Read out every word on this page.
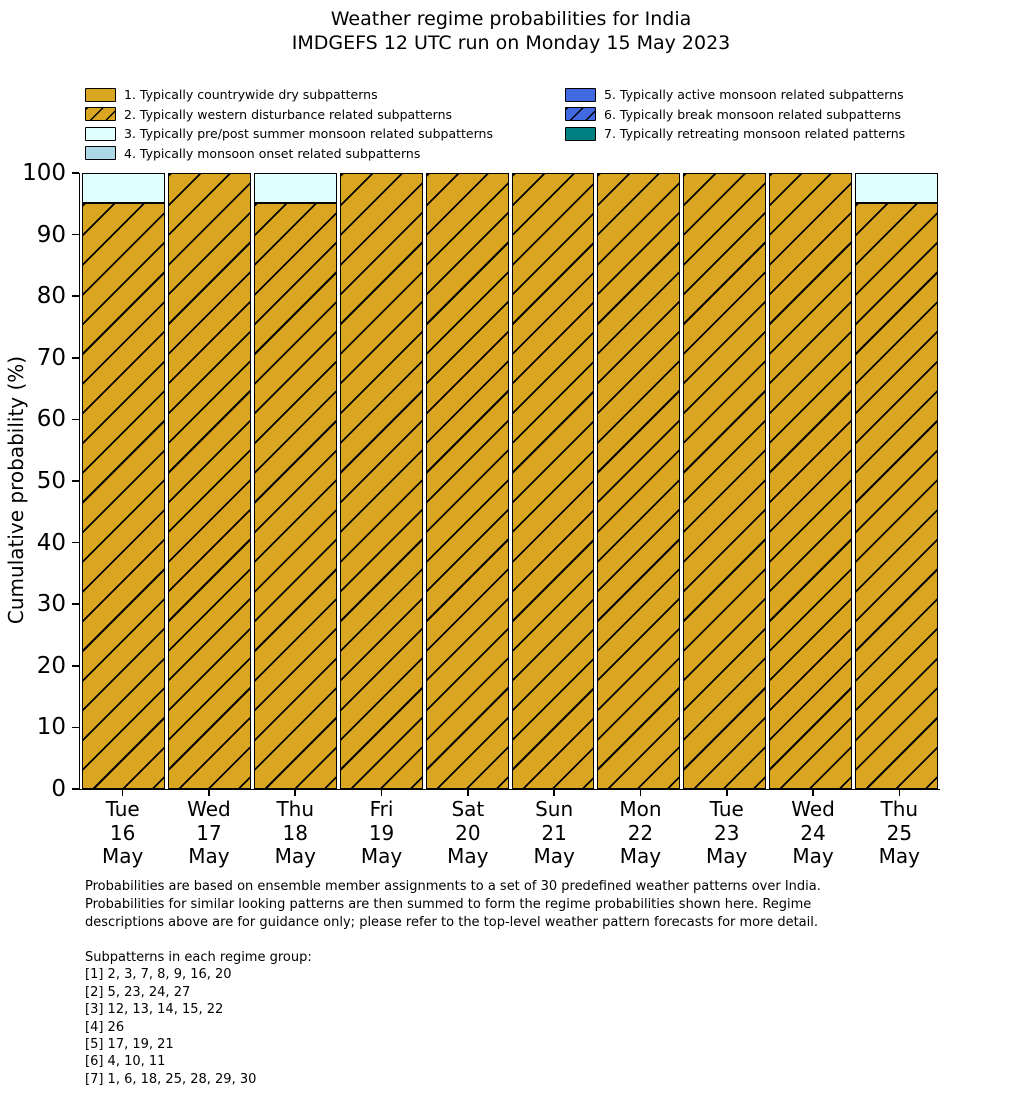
Weather regime probabilities for India
IMDGEFS 12 UTC run on Monday 15 May 2023
1. Typically countrywide dry subpatterns
2. Typically western disturbance related subpatterns
3. Typically pre/post summer monsoon related subpatterns
4. Typically monsoon onset related subpatterns
5. Typically active monsoon related subpatterns
6. Typically break monsoon related subpatterns
7. Typically retreating monsoon related patterns
Cumulative probability (%)
0
10
20
30
40
50
60
70
80
90
100
Tue
16
May
Wed
17
May
Thu
18
May
Fri
19
May
Sat
20
May
Sun
21
May
Mon
22
May
Tue
23
May
Wed
24
May
Thu
25
May
Probabilities are based on ensemble member assignments to a set of 30 predefined weather patterns over India.
Probabilities for similar looking patterns are then summed to form the regime probabilities shown here. Regime
descriptions above are for guidance only; please refer to the top-level weather pattern forecasts for more detail.
Subpatterns in each regime group:
[1] 2, 3, 7, 8, 9, 16, 20
[2] 5, 23, 24, 27
[3] 12, 13, 14, 15, 22
[4] 26
[5] 17, 19, 21
[6] 4, 10, 11
[7] 1, 6, 18, 25, 28, 29, 30
